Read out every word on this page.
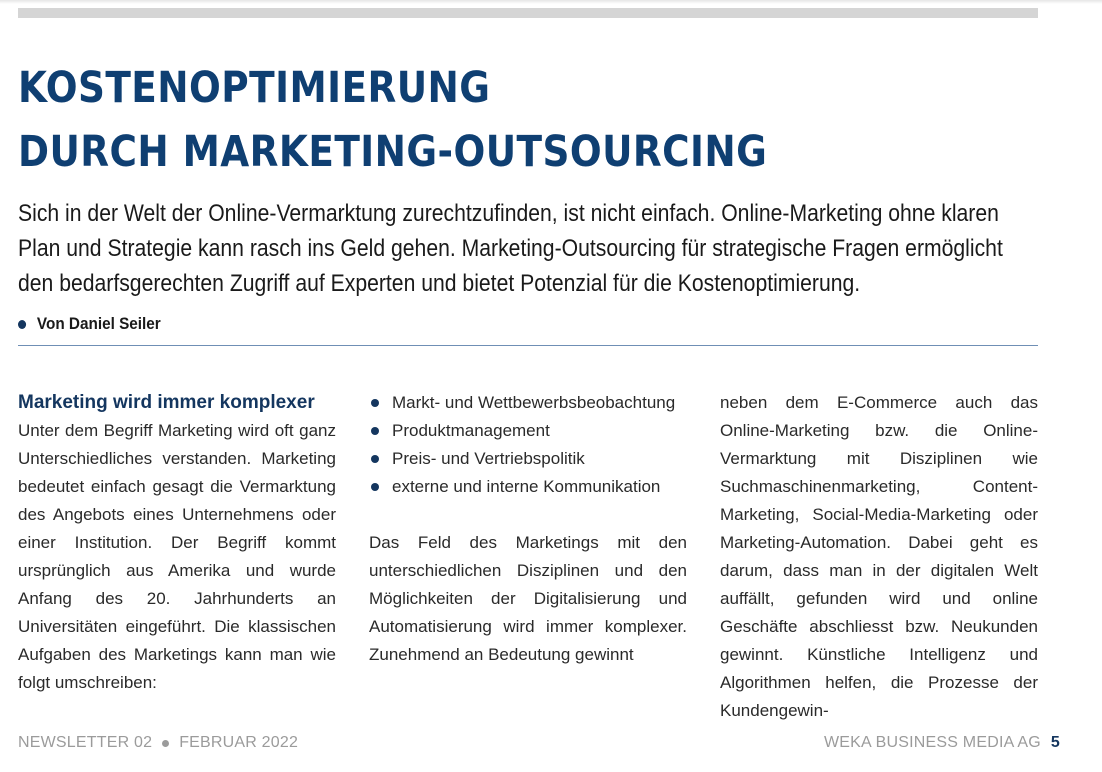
KOSTENOPTIMIERUNG
DURCH MARKETING-OUTSOURCING

Sich in der Welt der Online-Vermarktung zurechtzufinden, ist nicht einfach. Online-Marketing ohne klaren Plan und Strategie kann rasch ins Geld gehen. Marketing-Outsourcing für strategische Fragen ermöglicht den bedarfsgerechten Zugriff auf Experten und bietet Potenzial für die Kostenoptimierung.

Von Daniel Seiler
Marketing wird immer komplexer

Unter dem Begriff Marketing wird oft ganz Unterschiedliches verstanden. Marketing bedeutet einfach gesagt die Vermarktung des Angebots eines Unternehmens oder einer Institution. Der Begriff kommt ursprünglich aus Amerika und wurde Anfang des 20. Jahrhunderts an Universitäten eingeführt. Die klassischen Aufgaben des Marketings kann man wie folgt umschreiben:

Markt- und Wettbewerbsbeobachtung
Produktmanagement
Preis- und Vertriebspolitik
externe und interne Kommunikation

Das Feld des Marketings mit den unterschiedlichen Disziplinen und den Möglichkeiten der Digitalisierung und Automatisierung wird immer komplexer. Zunehmend an Bedeutung gewinnt

neben dem E-Commerce auch das Online-Marketing bzw. die Online-Vermarktung mit Disziplinen wie Suchmaschinenmarketing, Content-Marketing, Social-Media-Marketing oder Marketing-Automation. Dabei geht es darum, dass man in der digitalen Welt auffällt, gefunden wird und online Geschäfte abschliesst bzw. Neukunden gewinnt. Künstliche Intelligenz und Algorithmen helfen, die Prozesse der Kundengewin-

NEWSLETTER 02 FEBRUAR 2022	WEKA BUSINESS MEDIA AG 5
